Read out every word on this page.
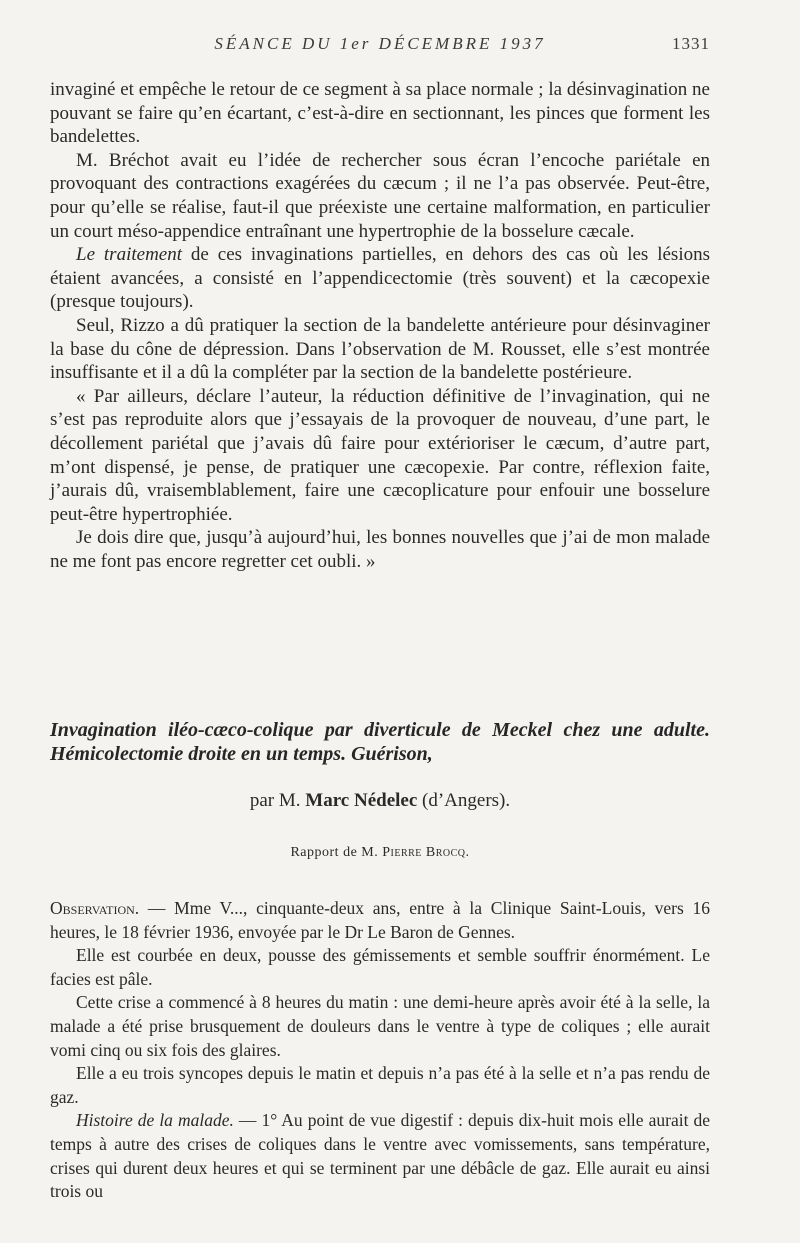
SÉANCE DU 1er DÉCEMBRE 1937	1331

invaginé et empêche le retour de ce segment à sa place normale ; la désinvagination ne pouvant se faire qu’en écartant, c’est-à-dire en sectionnant, les pinces que forment les bandelettes.

M. Bréchot avait eu l’idée de rechercher sous écran l’encoche pariétale en provoquant des contractions exagérées du cæcum ; il ne l’a pas observée. Peut-être, pour qu’elle se réalise, faut-il que préexiste une certaine malformation, en particulier un court méso-appendice entraînant une hypertrophie de la bosselure cæcale.

Le traitement de ces invaginations partielles, en dehors des cas où les lésions étaient avancées, a consisté en l’appendicectomie (très souvent) et la cæcopexie (presque toujours).

Seul, Rizzo a dû pratiquer la section de la bandelette antérieure pour désinvaginer la base du cône de dépression. Dans l’observation de M. Rousset, elle s’est montrée insuffisante et il a dû la compléter par la section de la bandelette postérieure.

« Par ailleurs, déclare l’auteur, la réduction définitive de l’invagination, qui ne s’est pas reproduite alors que j’essayais de la provoquer de nouveau, d’une part, le décollement pariétal que j’avais dû faire pour extérioriser le cæcum, d’autre part, m’ont dispensé, je pense, de pratiquer une cæcopexie. Par contre, réflexion faite, j’aurais dû, vraisemblablement, faire une cæcoplicature pour enfouir une bosselure peut-être hypertrophiée.

Je dois dire que, jusqu’à aujourd’hui, les bonnes nouvelles que j’ai de mon malade ne me font pas encore regretter cet oubli. »

Invagination iléo-cæco-colique par diverticule de Meckel chez une adulte. Hémicolectomie droite en un temps. Guérison,
par M. Marc Nédelec (d’Angers).
Rapport de M. Pierre Brocq.

Observation. — Mme V..., cinquante-deux ans, entre à la Clinique Saint-Louis, vers 16 heures, le 18 février 1936, envoyée par le Dr Le Baron de Gennes.

Elle est courbée en deux, pousse des gémissements et semble souffrir énormément. Le facies est pâle.

Cette crise a commencé à 8 heures du matin : une demi-heure après avoir été à la selle, la malade a été prise brusquement de douleurs dans le ventre à type de coliques ; elle aurait vomi cinq ou six fois des glaires.

Elle a eu trois syncopes depuis le matin et depuis n’a pas été à la selle et n’a pas rendu de gaz.

Histoire de la malade. — 1° Au point de vue digestif : depuis dix-huit mois elle aurait de temps à autre des crises de coliques dans le ventre avec vomissements, sans température, crises qui durent deux heures et qui se terminent par une débâcle de gaz. Elle aurait eu ainsi trois ou
